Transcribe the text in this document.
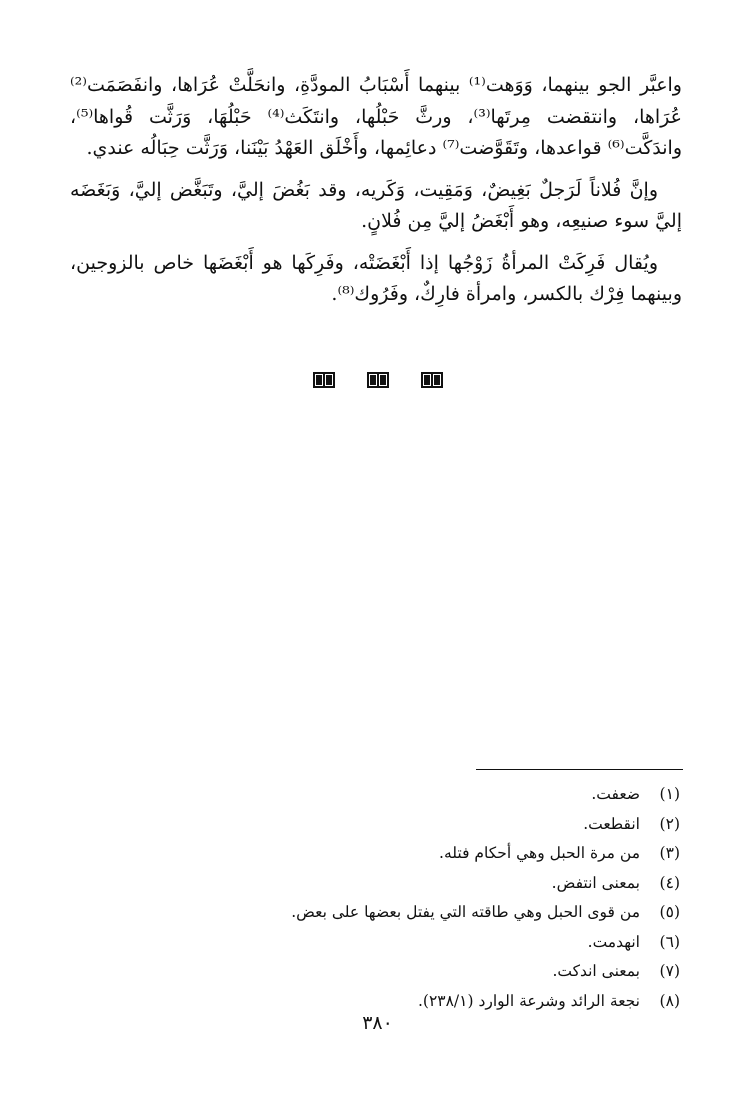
واعبَّر الجو بينهما، وَوَهت⁽¹⁾ بينهما أَسْبَابُ المودَّةِ، وانحَلَّتْ عُرَاها، وانفَصَمَت⁽²⁾ عُرَاها، وانتقضت مِرتَها⁽³⁾، ورثَّ حَبْلُها، وانتَكَث⁽⁴⁾ حَبْلُهَا، وَرَثَّت قُواها⁽⁵⁾، واندَكَّت⁽⁶⁾ قواعدها، وتَقَوَّضت⁽⁷⁾ دعائِمها، وأَخْلَق العَهْدُ بَيْنَنا، وَرَثَّت حِبَالُه عندي.

وإنَّ فُلاناً لَرَجلٌ بَغِيضٌ، وَمَقِيت، وَكَريه، وقد بَغُضَ إليَّ، وتَبَغَّض إليَّ، وَبَغَضَه إليَّ سوء صنيعِه، وهو أَبْغَضُ إليَّ مِن فُلانٍ.

ويُقال فَرِكَتْ المرأةُ زَوْجُها إذا أَبْغَضَتْه، وفَرِكَها هو أَبْغَضَها خاص بالزوجين، وبينهما فِرْك بالكسر، وامرأة فارِكٌ، وفَرُوك⁽⁸⁾.

(١)
ضعفت.
(٢)
انقطعت.
(٣)
من مرة الحبل وهي أحكام فتله.
(٤)
بمعنى انتفض.
(٥)
من قوى الحبل وهي طاقته التي يفتل بعضها على بعض.
(٦)
انهدمت.
(٧)
بمعنى اندكت.
(٨)
نجعة الرائد وشرعة الوارد (٢٣٨/١).
٣٨٠
